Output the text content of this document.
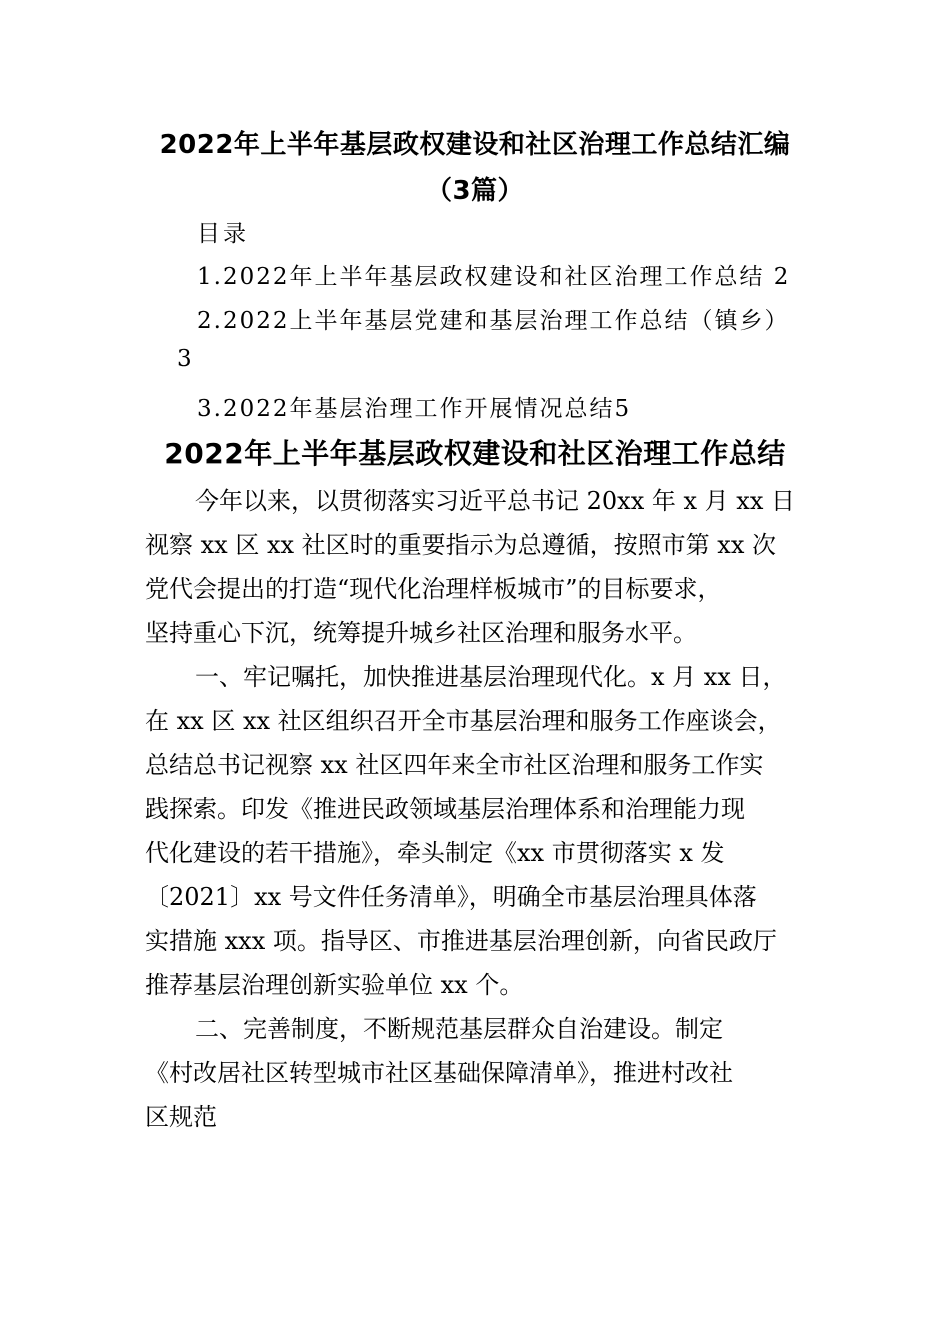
2022年上半年基层政权建设和社区治理工作总结汇编
（3篇）
目录
1.2022年上半年基层政权建设和社区治理工作总结 2
2.2022上半年基层党建和基层治理工作总结（镇乡）
3
3.2022年基层治理工作开展情况总结5
2022年上半年基层政权建设和社区治理工作总结
今年以来，以贯彻落实习近平总书记 20xx 年 x 月 xx 日
视察 xx 区 xx 社区时的重要指示为总遵循，按照市第 xx 次
党代会提出的打造“现代化治理样板城市”的目标要求，
坚持重心下沉，统筹提升城乡社区治理和服务水平。
一、牢记嘱托，加快推进基层治理现代化。x 月 xx 日，
在 xx 区 xx 社区组织召开全市基层治理和服务工作座谈会，
总结总书记视察 xx 社区四年来全市社区治理和服务工作实
践探索。印发《推进民政领域基层治理体系和治理能力现
代化建设的若干措施》，牵头制定《xx 市贯彻落实 x 发
〔2021〕xx 号文件任务清单》，明确全市基层治理具体落
实措施 xxx 项。指导区、市推进基层治理创新，向省民政厅
推荐基层治理创新实验单位 xx 个。
二、完善制度，不断规范基层群众自治建设。制定
《村改居社区转型城市社区基础保障清单》，推进村改社
区规范
